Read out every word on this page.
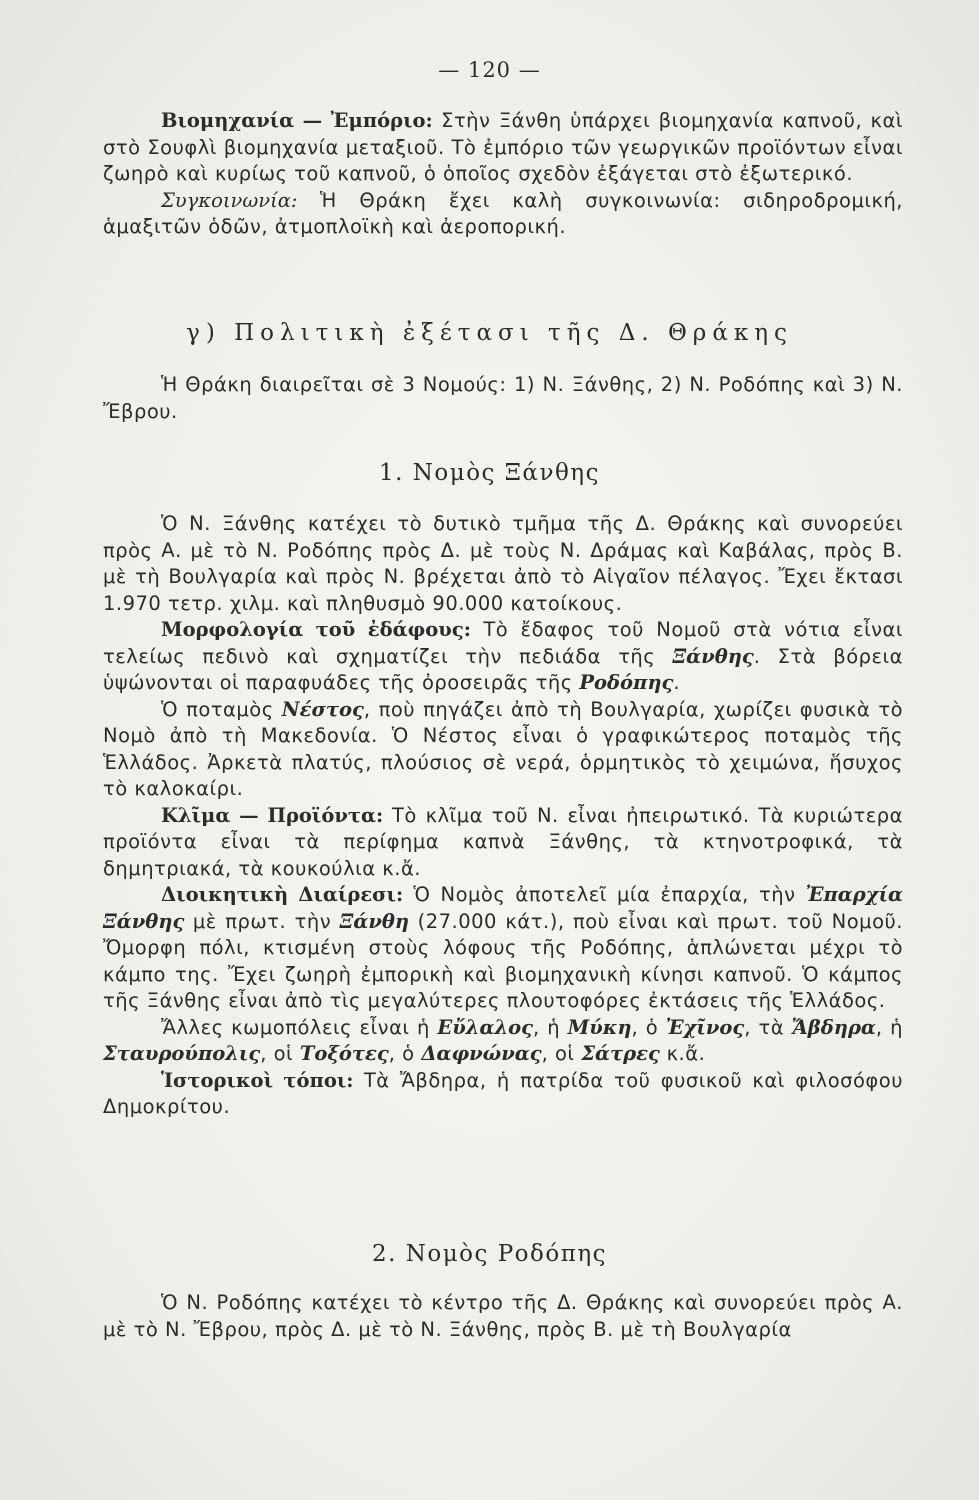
— 120 —

Βιομηχανία — Ἐμπόριο: Στὴν Ξάνθη ὑπάρχει βιομηχανία καπνοῦ, καὶ στὸ Σουφλὶ βιομηχανία μεταξιοῦ. Τὸ ἐμπόριο τῶν γεωργικῶν προϊόντων εἶναι ζωηρὸ καὶ κυρίως τοῦ καπνοῦ, ὁ ὁποῖος σχεδὸν ἐξάγεται στὸ ἐξωτερικό.

Συγκοινωνία: Ἡ Θράκη ἔχει καλὴ συγκοινωνία: σιδηροδρομική, ἁμαξιτῶν ὁδῶν, ἀτμοπλοϊκὴ καὶ ἀεροπορική.

γ) Πολιτικὴ ἐξέτασι τῆς Δ. Θράκης

Ἡ Θράκη διαιρεῖται σὲ 3 Νομούς: 1) Ν. Ξάνθης, 2) Ν. Ροδόπης καὶ 3) Ν. Ἔβρου.

1. Νομὸς Ξάνθης

Ὁ Ν. Ξάνθης κατέχει τὸ δυτικὸ τμῆμα τῆς Δ. Θράκης καὶ συνορεύει πρὸς Α. μὲ τὸ Ν. Ροδόπης πρὸς Δ. μὲ τοὺς Ν. Δράμας καὶ Καβάλας, πρὸς Β. μὲ τὴ Βουλγαρία καὶ πρὸς Ν. βρέχεται ἀπὸ τὸ Αἰγαῖον πέλαγος. Ἔχει ἔκτασι 1.970 τετρ. χιλμ. καὶ πληθυσμὸ 90.000 κατοίκους.

Μορφολογία τοῦ ἐδάφους: Τὸ ἔδαφος τοῦ Νομοῦ στὰ νότια εἶναι τελείως πεδινὸ καὶ σχηματίζει τὴν πεδιάδα τῆς Ξάνθης. Στὰ βόρεια ὑψώνονται οἱ παραφυάδες τῆς ὀροσειρᾶς τῆς Ροδόπης.

Ὁ ποταμὸς Νέστος, ποὺ πηγάζει ἀπὸ τὴ Βουλγαρία, χωρίζει φυσικὰ τὸ Νομὸ ἀπὸ τὴ Μακεδονία. Ὁ Νέστος εἶναι ὁ γραφικώτερος ποταμὸς τῆς Ἑλλάδος. Ἀρκετὰ πλατύς, πλούσιος σὲ νερά, ὁρμητικὸς τὸ χειμώνα, ἥσυχος τὸ καλοκαίρι.

Κλῖμα — Προϊόντα: Τὸ κλῖμα τοῦ Ν. εἶναι ἠπειρωτικό. Τὰ κυριώτερα προϊόντα εἶναι τὰ περίφημα καπνὰ Ξάνθης, τὰ κτηνοτροφικά, τὰ δημητριακά, τὰ κουκούλια κ.ἄ.

Διοικητικὴ Διαίρεσι: Ὁ Νομὸς ἀποτελεῖ μία ἐπαρχία, τὴν Ἐπαρχία Ξάνθης μὲ πρωτ. τὴν Ξάνθη (27.000 κάτ.), ποὺ εἶναι καὶ πρωτ. τοῦ Νομοῦ. Ὄμορφη πόλι, κτισμένη στοὺς λόφους τῆς Ροδόπης, ἁπλώνεται μέχρι τὸ κάμπο της. Ἔχει ζωηρὴ ἐμπορικὴ καὶ βιομηχανικὴ κίνησι καπνοῦ. Ὁ κάμπος τῆς Ξάνθης εἶναι ἀπὸ τὶς μεγαλύτερες πλουτοφόρες ἐκτάσεις τῆς Ἑλλάδος.

Ἄλλες κωμοπόλεις εἶναι ἡ Εὔλαλος, ἡ Μύκη, ὁ Ἐχῖνος, τὰ Ἄβδηρα, ἡ Σταυρούπολις, οἱ Τοξότες, ὁ Δαφνώνας, οἱ Σάτρες κ.ἄ.

Ἱστορικοὶ τόποι: Τὰ Ἄβδηρα, ἡ πατρίδα τοῦ φυσικοῦ καὶ φιλοσόφου Δημοκρίτου.

2. Νομὸς Ροδόπης

Ὁ Ν. Ροδόπης κατέχει τὸ κέντρο τῆς Δ. Θράκης καὶ συνορεύει πρὸς Α. μὲ τὸ Ν. Ἔβρου, πρὸς Δ. μὲ τὸ Ν. Ξάνθης, πρὸς Β. μὲ τὴ Βουλγαρία
